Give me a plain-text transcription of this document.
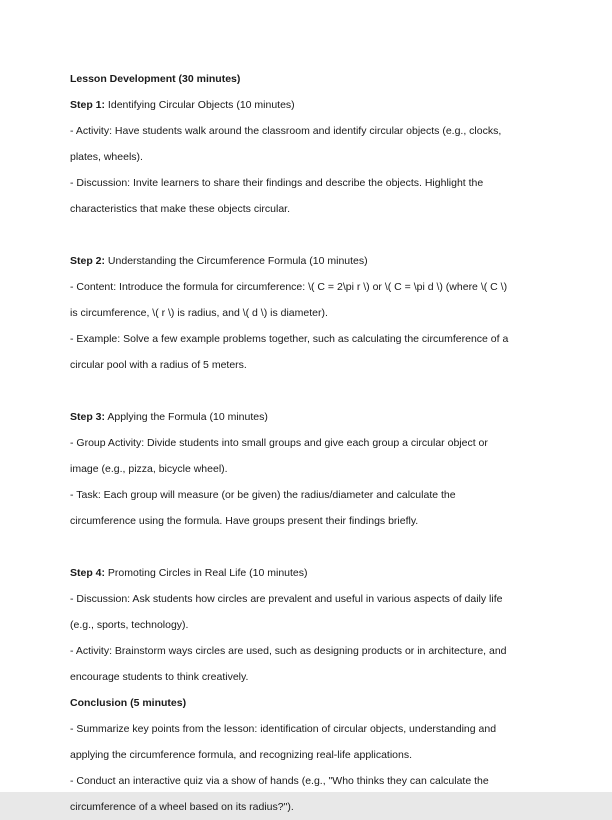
Lesson Development (30 minutes)
Step 1: Identifying Circular Objects (10 minutes)
- Activity: Have students walk around the classroom and identify circular objects (e.g., clocks,
plates, wheels).
- Discussion: Invite learners to share their findings and describe the objects. Highlight the
characteristics that make these objects circular.
Step 2: Understanding the Circumference Formula (10 minutes)
- Content: Introduce the formula for circumference: \( C = 2\pi r \) or \( C = \pi d \) (where \( C \)
is circumference, \( r \) is radius, and \( d \) is diameter).
- Example: Solve a few example problems together, such as calculating the circumference of a
circular pool with a radius of 5 meters.
Step 3: Applying the Formula (10 minutes)
- Group Activity: Divide students into small groups and give each group a circular object or
image (e.g., pizza, bicycle wheel).
- Task: Each group will measure (or be given) the radius/diameter and calculate the
circumference using the formula. Have groups present their findings briefly.
Step 4: Promoting Circles in Real Life (10 minutes)
- Discussion: Ask students how circles are prevalent and useful in various aspects of daily life
(e.g., sports, technology).
- Activity: Brainstorm ways circles are used, such as designing products or in architecture, and
encourage students to think creatively.
Conclusion (5 minutes)
- Summarize key points from the lesson: identification of circular objects, understanding and
applying the circumference formula, and recognizing real-life applications.
- Conduct an interactive quiz via a show of hands (e.g., "Who thinks they can calculate the
circumference of a wheel based on its radius?").
